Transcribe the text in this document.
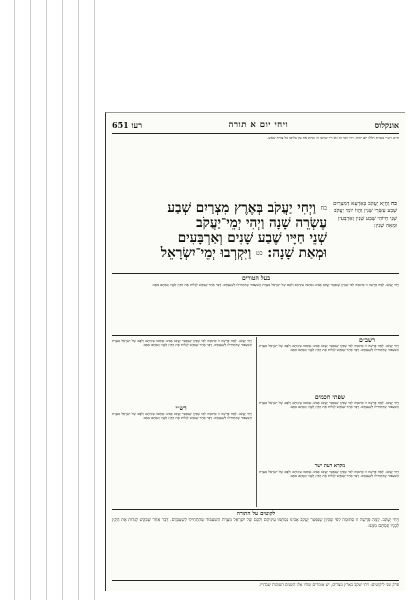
אונקלוס
ויחי יום א תורה
רעו 651
ת״ש רש״י בשרת הללו יזם יהוה, ויח יזכר זה זאו ריי שרשו ה׳ מחת אח עין בליטו כל צורח שאש.
כח וַיְחִי יַעֲקֹב בְּאֶרֶץ מִצְרַיִם שְׁבַע
עֶשְׂרֵה שָׁנָה וַיְהִי יְמֵי־יַעֲקֹב
שְׁנֵי חַיָּיו שֶׁבַע שָׁנִים וְאַרְבָּעִים
וּמְאַת שָׁנָה: כט וַיִּקְרְבוּ יְמֵי־יִשְׂרָאֵל
כח וַחֲיָא יַעֲקֹב בְּאַרְעָא דְמִצְרַיִם שְׁבַע עַשְׂרֵי שְׁנִין וַהֲווֹ יוֹמֵי יַעֲקֹב שְׁנֵי חַיּוֹהִי שְׁבַע שְׁנִין וְאַרְבְּעִין וּמְאָה שְׁנִין:
בעל הטורים
וַיְחִי יַעֲקֹב. לָמָּה פָּרָשָׁה זוֹ סְתוּמָה לְפִי שֶׁכֵּיוָן שֶׁנִּפְטַר יַעֲקֹב אָבִינוּ נִסְתְּמוּ עֵינֵיהֶם וְלִבָּם שֶׁל יִשְׂרָאֵל מִצָּרַת הַשִּׁעְבּוּד שֶׁהִתְחִילוּ לְשַׁעְבְּדָם. דָּבָר אַחֵר שֶׁבִּקֵּשׁ לְגַלּוֹת אֶת הַקֵּץ לְבָנָיו וְנִסְתַּם מִמֶּנּוּ.
רשב״ם
וַיְחִי יַעֲקֹב. לָמָּה פָּרָשָׁה זוֹ סְתוּמָה לְפִי שֶׁכֵּיוָן שֶׁנִּפְטַר יַעֲקֹב אָבִינוּ נִסְתְּמוּ עֵינֵיהֶם וְלִבָּם שֶׁל יִשְׂרָאֵל מִצָּרַת הַשִּׁעְבּוּד שֶׁהִתְחִילוּ לְשַׁעְבְּדָם. דָּבָר אַחֵר שֶׁבִּקֵּשׁ לְגַלּוֹת אֶת הַקֵּץ לְבָנָיו וְנִסְתַּם מִמֶּנּוּ.
וַיְחִי יַעֲקֹב. לָמָּה פָּרָשָׁה זוֹ סְתוּמָה לְפִי שֶׁכֵּיוָן שֶׁנִּפְטַר יַעֲקֹב אָבִינוּ נִסְתְּמוּ עֵינֵיהֶם וְלִבָּם שֶׁל יִשְׂרָאֵל מִצָּרַת הַשִּׁעְבּוּד שֶׁהִתְחִילוּ לְשַׁעְבְּדָם. דָּבָר אַחֵר שֶׁבִּקֵּשׁ לְגַלּוֹת אֶת הַקֵּץ לְבָנָיו וְנִסְתַּם מִמֶּנּוּ.
שפתי חכמים
וַיְחִי יַעֲקֹב. לָמָּה פָּרָשָׁה זוֹ סְתוּמָה לְפִי שֶׁכֵּיוָן שֶׁנִּפְטַר יַעֲקֹב אָבִינוּ נִסְתְּמוּ עֵינֵיהֶם וְלִבָּם שֶׁל יִשְׂרָאֵל מִצָּרַת הַשִּׁעְבּוּד שֶׁהִתְחִילוּ לְשַׁעְבְּדָם. דָּבָר אַחֵר שֶׁבִּקֵּשׁ לְגַלּוֹת אֶת הַקֵּץ לְבָנָיו וְנִסְתַּם מִמֶּנּוּ.
רש״י
וַיְחִי יַעֲקֹב. לָמָּה פָּרָשָׁה זוֹ סְתוּמָה לְפִי שֶׁכֵּיוָן שֶׁנִּפְטַר יַעֲקֹב אָבִינוּ נִסְתְּמוּ עֵינֵיהֶם וְלִבָּם שֶׁל יִשְׂרָאֵל מִצָּרַת הַשִּׁעְבּוּד שֶׁהִתְחִילוּ לְשַׁעְבְּדָם. דָּבָר אַחֵר שֶׁבִּקֵּשׁ לְגַלּוֹת אֶת הַקֵּץ לְבָנָיו וְנִסְתַּם מִמֶּנּוּ.
מקרא דעת ישר
וַיְחִי יַעֲקֹב. לָמָּה פָּרָשָׁה זוֹ סְתוּמָה לְפִי שֶׁכֵּיוָן שֶׁנִּפְטַר יַעֲקֹב אָבִינוּ נִסְתְּמוּ עֵינֵיהֶם וְלִבָּם שֶׁל יִשְׂרָאֵל מִצָּרַת הַשִּׁעְבּוּד שֶׁהִתְחִילוּ לְשַׁעְבְּדָם. דָּבָר אַחֵר שֶׁבִּקֵּשׁ לְגַלּוֹת אֶת הַקֵּץ לְבָנָיו וְנִסְתַּם מִמֶּנּוּ.
לקוטים על התורה
וַיְחִי יַעֲקֹב. לָמָּה פָּרָשָׁה זוֹ סְתוּמָה לְפִי שֶׁכֵּיוָן שֶׁנִּפְטַר יַעֲקֹב אָבִינוּ נִסְתְּמוּ עֵינֵיהֶם וְלִבָּם שֶׁל יִשְׂרָאֵל מִצָּרַת הַשִּׁעְבּוּד שֶׁהִתְחִילוּ לְשַׁעְבְּדָם. דָּבָר אַחֵר שֶׁבִּקֵּשׁ לְגַלּוֹת אֶת הַקֵּץ לְבָנָיו וְנִסְתַּם מִמֶּנּוּ.
פרק שני ליקוטים: ויחי יעקב בארץ מצרים, יש אומרים שהיו אלו השנים הטובות שבחייו.
